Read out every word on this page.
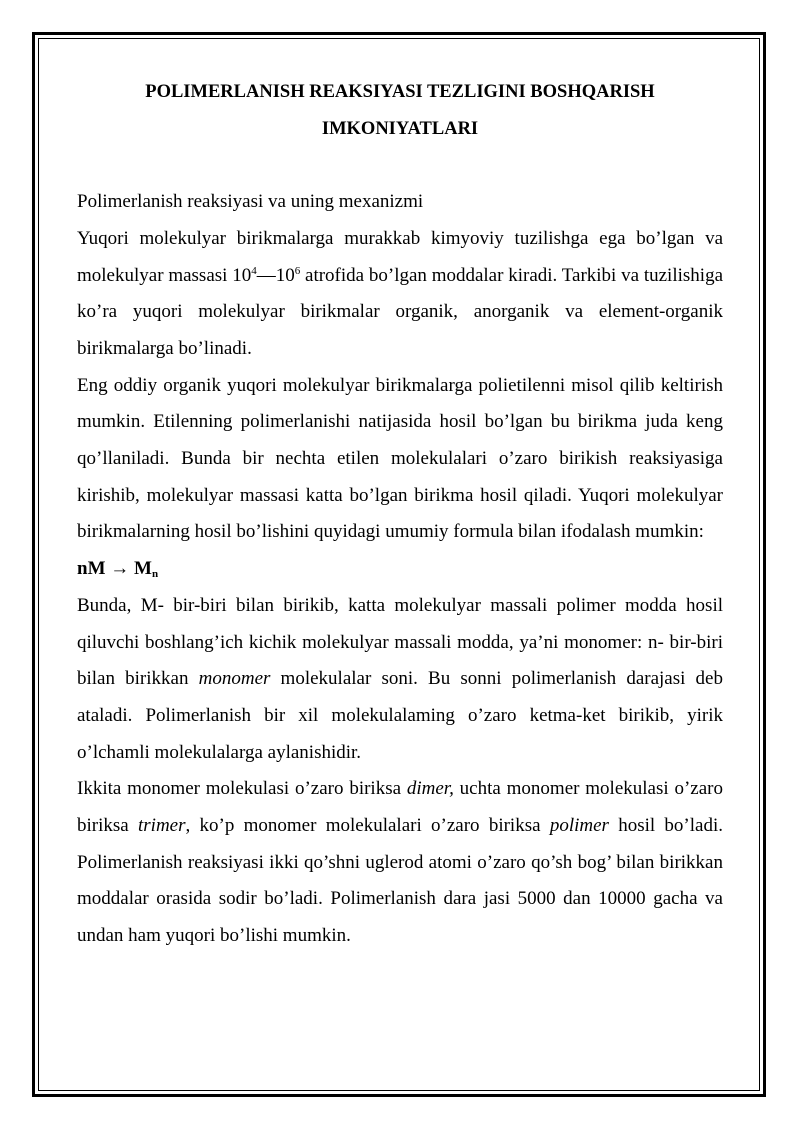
POLIMERLANISH REAKSIYASI TEZLIGINI BOSHQARISH
IMKONIYATLARI

Polimerlanish reaksiyasi va uning mexanizmi

Yuqori molekulyar birikmalarga murakkab kimyoviy tuzilishga ega bo’lgan va molekulyar massasi $10^4—10^6$ atrofida bo’lgan moddalar kiradi. Tarkibi va tuzilishiga ko’ra yuqori molekulyar birikmalar organik, anorganik va element-organik birikmalarga bo’linadi.

Eng oddiy organik yuqori molekulyar birikmalarga polietilenni misol qilib keltirish mumkin. Etilenning polimerlanishi natijasida hosil bo’lgan bu birikma juda keng qo’llaniladi. Bunda bir nechta etilen molekulalari o’zaro birikish reaksiyasiga kirishib, molekulyar massasi katta bo’lgan birikma hosil qiladi. Yuqori molekulyar birikmalarning hosil bo’lishini quyidagi umumiy formula bilan ifodalash mumkin:

nM → $M_n$

Bunda, M- bir-biri bilan birikib, katta molekulyar massali polimer modda hosil qiluvchi boshlang’ich kichik molekulyar massali modda, ya’ni monomer: n- bir-biri bilan birikkan monomer molekulalar soni. Bu sonni polimerlanish darajasi deb ataladi. Polimerlanish bir xil molekulalaming o’zaro ketma-ket birikib, yirik o’lchamli molekulalarga aylanishidir.

Ikkita monomer molekulasi o’zaro biriksa dimer, uchta monomer molekulasi o’zaro biriksa trimer, ko’p monomer molekulalari o’zaro biriksa polimer hosil bo’ladi. Polimerlanish reaksiyasi ikki qo’shni uglerod atomi o’zaro qo’sh bog’ bilan birikkan moddalar orasida sodir bo’ladi. Polimerlanish dara jasi 5000 dan 10000 gacha va undan ham yuqori bo’lishi mumkin.
